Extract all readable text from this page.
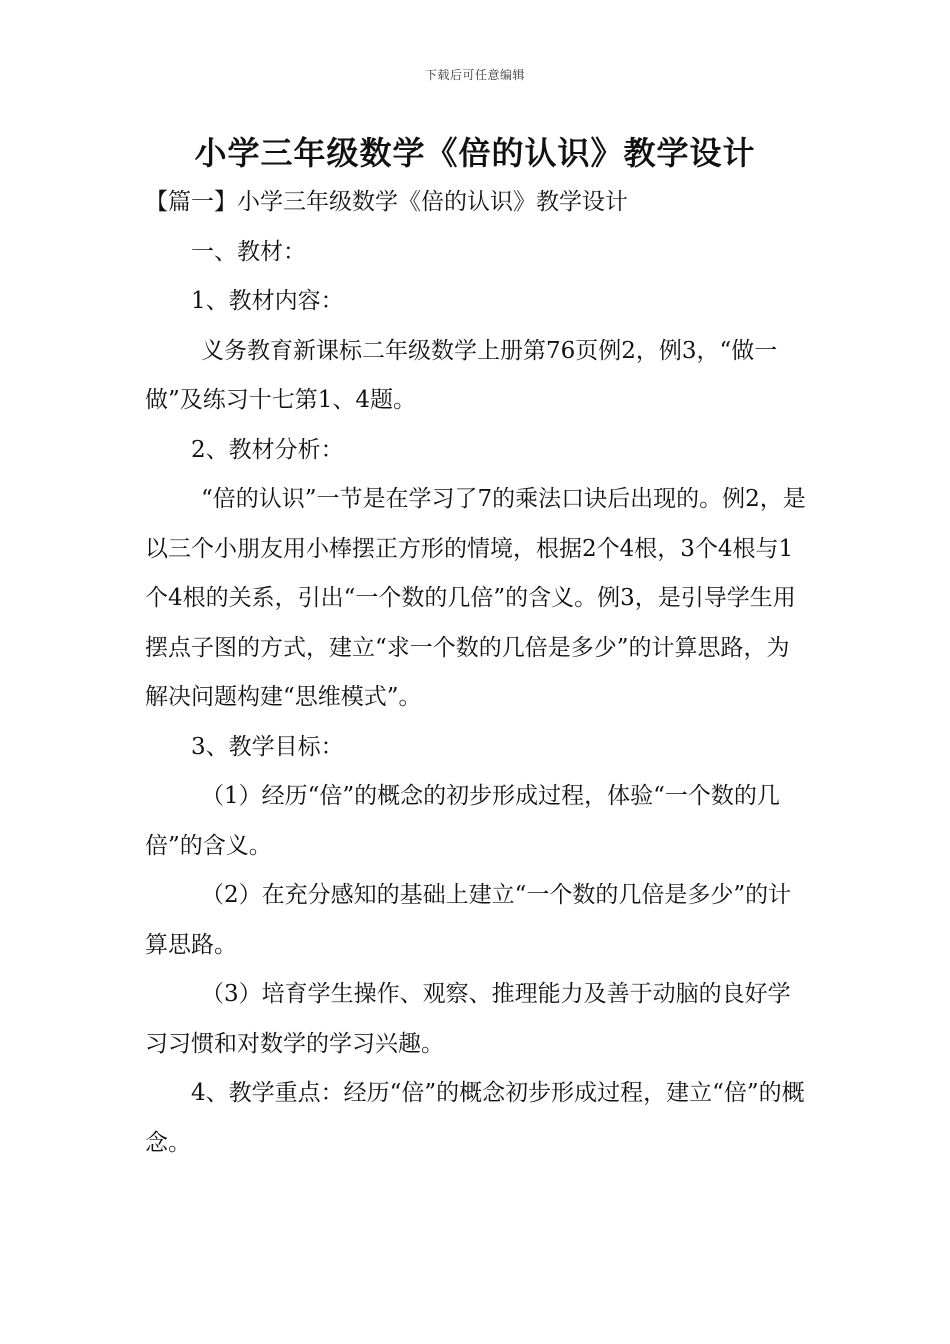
下载后可任意编辑
小学三年级数学《倍的认识》教学设计

【篇一】小学三年级数学《倍的认识》教学设计

一、教材：

1、教材内容：

义务教育新课标二年级数学上册第76页例2，例3，“做一做”及练习十七第1、4题。

2、教材分析：

“倍的认识”一节是在学习了7的乘法口诀后出现的。例2，是以三个小朋友用小棒摆正方形的情境，根据2个4根，3个4根与1个4根的关系，引出“一个数的几倍”的含义。例3，是引导学生用摆点子图的方式，建立“求一个数的几倍是多少”的计算思路，为解决问题构建“思维模式”。

3、教学目标：

（1）经历“倍”的概念的初步形成过程，体验“一个数的几倍”的含义。

（2）在充分感知的基础上建立“一个数的几倍是多少”的计算思路。

（3）培育学生操作、观察、推理能力及善于动脑的良好学习习惯和对数学的学习兴趣。

4、教学重点：经历“倍”的概念初步形成过程，建立“倍”的概念。
